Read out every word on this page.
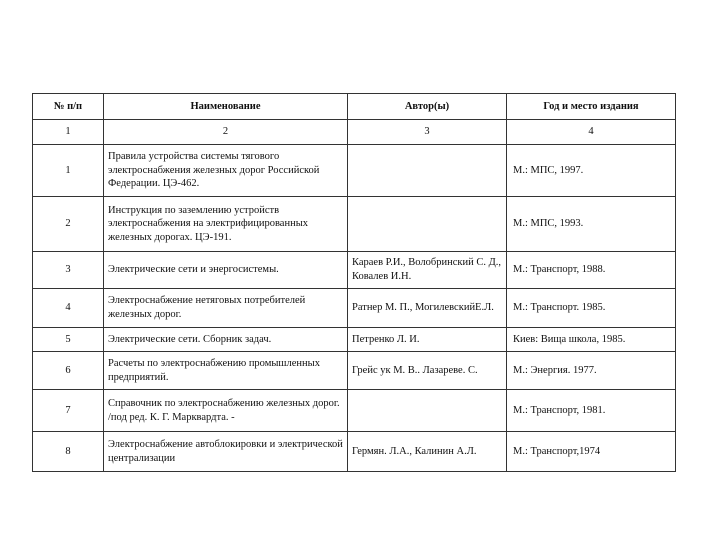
№ п/п	Наименование	Автор(ы)	Год и место издания
1	2	3	4
1	Правила устройства системы тягового электроснабжения железных дорог Российской Федерации. ЦЭ-462.		М.: МПС, 1997.
2	Инструкция по заземлению устройств электроснабжения на электрифицированных железных дорогах. ЦЭ-191.		М.: МПС, 1993.
3	Электрические сети и энергосистемы.	Караев Р.И., Волобринский С. Д., Ковалев И.Н.	М.: Транспорт, 1988.
4	Электроснабжение нетяговых потребителей железных дорог.	Ратнер М. П., МогилевскийЕ.Л.	М.: Транспорт. 1985.
5	Электрические сети. Сборник задач.	Петренко Л. И.	Киев: Вища школа, 1985.
6	Расчеты по электроснабжению промышленных предприятий.	Грейс ук М. В.. Лазареве. С.	М.: Энергия. 1977.
7	Справочник по электроснабжению железных дорог. /под ред. К. Г. Марквардта. -		М.: Транспорт, 1981.
8	Электроснабжение автоблокировки и электрической централизации	Гермян. Л.А., Калинин А.Л.	М.: Транспорт,1974
